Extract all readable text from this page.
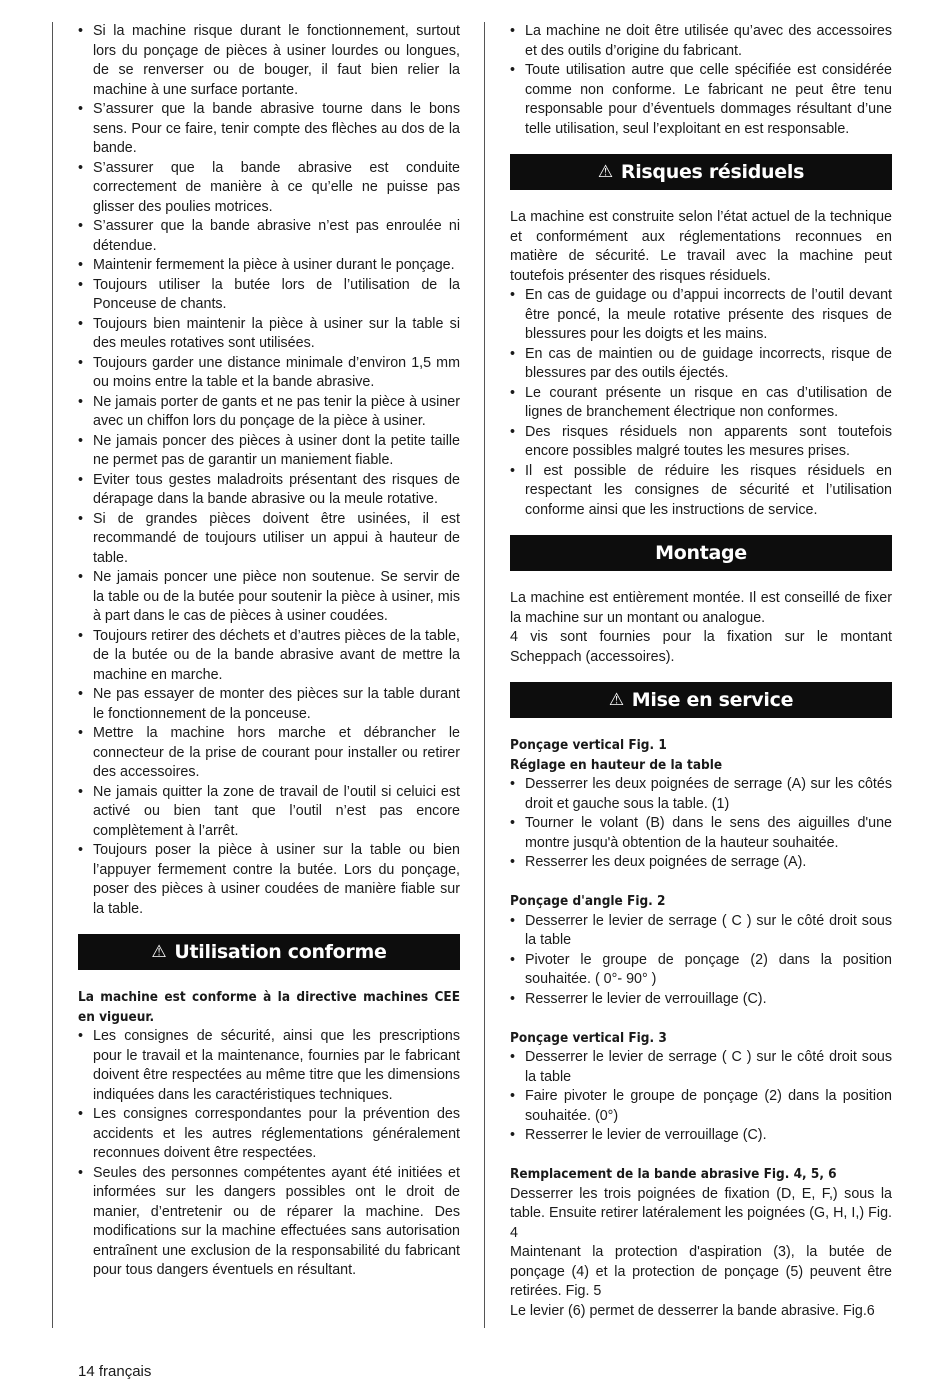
• Si la machine risque durant le fonctionnement, surtout lors du ponçage de pièces à usiner lourdes ou longues, de se renverser ou de bouger, il faut bien relier la machine à une surface portante.
• S’assurer que la bande abrasive tourne dans le bons sens. Pour ce faire, tenir compte des flèches au dos de la bande.
• S’assurer que la bande abrasive est conduite correctement de manière à ce qu’elle ne puisse pas glisser des poulies motrices.
• S’assurer que la bande abrasive n’est pas enroulée ni détendue.
• Maintenir fermement la pièce à usiner durant le ponçage.
• Toujours utiliser la butée lors de l’utilisation de la Ponceuse de chants.
• Toujours bien maintenir la pièce à usiner sur la table si des meules rotatives sont utilisées.
• Toujours garder une distance minimale d’environ 1,5 mm ou moins entre la table et la bande abrasive.
• Ne jamais porter de gants et ne pas tenir la pièce à usiner avec un chiffon lors du ponçage de la pièce à usiner.
• Ne jamais poncer des pièces à usiner dont la petite taille ne permet pas de garantir un maniement fiable.
• Eviter tous gestes maladroits présentant des risques de dérapage dans la bande abrasive ou la meule rotative.
• Si de grandes pièces doivent être usinées, il est recommandé de toujours utiliser un appui à hauteur de table.
• Ne jamais poncer une pièce non soutenue. Se servir de la table ou de la butée pour soutenir la pièce à usiner, mis à part dans le cas de pièces à usiner coudées.
• Toujours retirer des déchets et d’autres pièces de la table, de la butée ou de la bande abrasive avant de mettre la machine en marche.
• Ne pas essayer de monter des pièces sur la table durant le fonctionnement de la ponceuse.
• Mettre la machine hors marche et débrancher le connecteur de la prise de courant pour installer ou retirer des accessoires.
• Ne jamais quitter la zone de travail de l’outil si celuici est activé ou bien tant que l’outil n’est pas encore complètement à l’arrêt.
• Toujours poser la pièce à usiner sur la table ou bien l’appuyer fermement contre la butée. Lors du ponçage, poser des pièces à usiner coudées de manière fiable sur la table.
⚠ Utilisation conforme

La machine est conforme à la directive machines CEE en vigueur.

• Les consignes de sécurité, ainsi que les prescriptions pour le travail et la maintenance, fournies par le fabricant doivent être respectées au même titre que les dimensions indiquées dans les caractéristiques techniques.
• Les consignes correspondantes pour la prévention des accidents et les autres réglementations généralement reconnues doivent être respectées.
• Seules des personnes compétentes ayant été initiées et informées sur les dangers possibles ont le droit de manier, d’entretenir ou de réparer la machine. Des modifications sur la machine effectuées sans autorisation entraînent une exclusion de la responsabilité du fabricant pour tous dangers éventuels en résultant.
• La machine ne doit être utilisée qu’avec des accessoires et des outils d’origine du fabricant.
• Toute utilisation autre que celle spécifiée est considérée comme non conforme. Le fabricant ne peut être tenu responsable pour d’éventuels dommages résultant d’une telle utilisation, seul l’exploitant en est responsable.
⚠ Risques résiduels

La machine est construite selon l’état actuel de la technique et conformément aux réglementations reconnues en matière de sécurité. Le travail avec la machine peut toutefois présenter des risques résiduels.

• En cas de guidage ou d’appui incorrects de l’outil devant être poncé, la meule rotative présente des risques de blessures pour les doigts et les mains.
• En cas de maintien ou de guidage incorrects, risque de blessures par des outils éjectés.
• Le courant présente un risque en cas d’utilisation de lignes de branchement électrique non conformes.
• Des risques résiduels non apparents sont toutefois encore possibles malgré toutes les mesures prises.
• Il est possible de réduire les risques résiduels en respectant les consignes de sécurité et l’utilisation conforme ainsi que les instructions de service.
Montage

La machine est entièrement montée. Il est conseillé de fixer la machine sur un montant ou analogue.

4 vis sont fournies pour la fixation sur le montant Scheppach (accessoires).

⚠ Mise en service

Ponçage vertical Fig. 1

Réglage en hauteur de la table

• Desserrer les deux poignées de serrage (A) sur les côtés droit et gauche sous la table. (1)
• Tourner le volant (B) dans le sens des aiguilles d'une montre jusqu'à obtention de la hauteur souhaitée.
• Resserrer les deux poignées de serrage (A).

Ponçage d'angle Fig. 2

• Desserrer le levier de serrage ( C ) sur le côté droit sous la table
• Pivoter le groupe de ponçage (2) dans la position souhaitée. ( 0°- 90° )
• Resserrer le levier de verrouillage (C).

Ponçage vertical Fig. 3

• Desserrer le levier de serrage ( C ) sur le côté droit sous la table
• Faire pivoter le groupe de ponçage (2) dans la position souhaitée. (0°)
• Resserrer le levier de verrouillage (C).

Remplacement de la bande abrasive Fig. 4, 5, 6

Desserrer les trois poignées de fixation (D, E, F,) sous la table. Ensuite retirer latéralement les poignées (G, H, I,) Fig. 4

Maintenant la protection d'aspiration (3), la butée de ponçage (4) et la protection de ponçage (5) peuvent être retirées. Fig. 5

Le levier (6) permet de desserrer la bande abrasive. Fig.6

14 français
